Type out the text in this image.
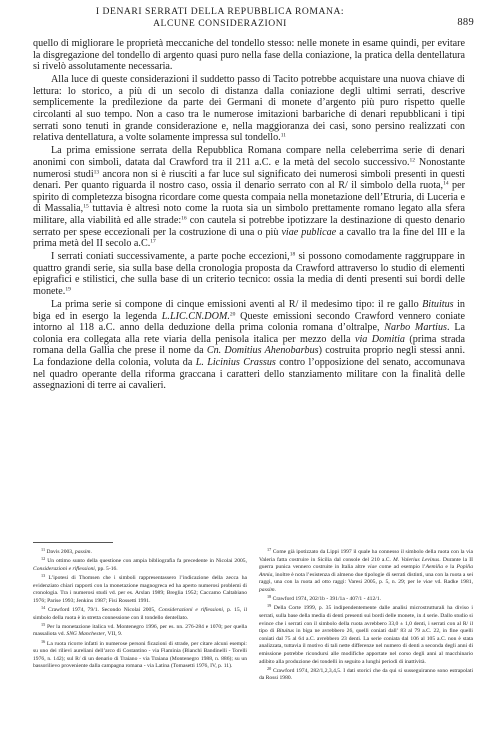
I DENARI SERRATI DELLA REPUBBLICA ROMANA:
ALCUNE CONSIDERAZIONI	889

quello di migliorare le proprietà meccaniche del tondello stesso: nelle monete in esame quindi, per evitare la disgregazione del tondello di argento quasi puro nella fase della coniazione, la pratica della dentellatura si rivelò assolutamente necessaria.

Alla luce di queste considerazioni il suddetto passo di Tacito potrebbe acquistare una nuova chiave di lettura: lo storico, a più di un secolo di distanza dalla coniazione degli ultimi serrati, descrive semplicemente la predilezione da parte dei Germani di monete d’argento più puro rispetto quelle circolanti al suo tempo. Non a caso tra le numerose imitazioni barbariche di denari repubblicani i tipi serrati sono tenuti in grande considerazione e, nella maggioranza dei casi, sono persino realizzati con relativa dentellatura, a volte solamente impressa sul tondello.$^{11}$

La prima emissione serrata della Repubblica Romana compare nella celeberrima serie di denari anonimi con simboli, datata dal Crawford tra il 211 a.C. e la metà del secolo successivo.$^{12}$ Nonostante numerosi studi$^{13}$ ancora non si è riusciti a far luce sul significato dei numerosi simboli presenti in questi denari. Per quanto riguarda il nostro caso, ossia il denario serrato con al R/ il simbolo della ruota,$^{14}$ per spirito di completezza bisogna ricordare come questa compaia nella monetazione dell’Etruria, di Luceria e di Massalia,$^{15}$ tuttavia è altresì noto come la ruota sia un simbolo prettamente romano legato alla sfera militare, alla viabilità ed alle strade:$^{16}$ con cautela si potrebbe ipotizzare la destinazione di questo denario serrato per spese eccezionali per la costruzione di una o più viae publicae a cavallo tra la fine del III e la prima metà del II secolo a.C.$^{17}$

I serrati coniati successivamente, a parte poche eccezioni,$^{18}$ si possono comodamente raggruppare in quattro grandi serie, sia sulla base della cronologia proposta da Crawford attraverso lo studio di elementi epigrafici e stilistici, che sulla base di un criterio tecnico: ossia la media di denti presenti sui bordi delle monete.$^{19}$

La prima serie si compone di cinque emissioni aventi al R/ il medesimo tipo: il re gallo Bituitus in biga ed in esergo la legenda L.LIC.CN.DOM.$^{20}$ Queste emissioni secondo Crawford vennero coniate intorno al 118 a.C. anno della deduzione della prima colonia romana d’oltralpe, Narbo Martius. La colonia era collegata alla rete viaria della penisola italica per mezzo della via Domitia (prima strada romana della Gallia che prese il nome da Cn. Domitius Ahenobarbus) costruita proprio negli stessi anni. La fondazione della colonia, voluta da L. Licinius Crassus contro l’opposizione del senato, accomunava nel quadro operante della riforma graccana i caratteri dello stanziamento militare con la finalità delle assegnazioni di terre ai cavalieri.

$^{11}$ Davis 2003, passim.

$^{12}$ Un ottimo sunto della questione con ampia bibliografia fa precedente in Nicolai 2005, Considerazioni e riflessioni, pp. 5-16.

$^{13}$ L’ipotesi di Thomsen che i simboli rappresentassero l’indicazione della zecca ha evidenziato chiari rapporti con la monetazione magnogreca ed ha aperto numerosi problemi di cronologia. Tra i numerosi studi vd. per es. Arslan 1989; Breglia 1952; Caccamo Caltabiano 1976; Parise 1993; Jenkins 1987; Fisi Rossetti 1991.

$^{14}$ Crawford 1974, 79/1. Secondo Nicolai 2005, Considerazioni e riflessioni, p. 15, il simbolo della ruota è in stretta connessione con il tondello dentellato.

$^{15}$ Per la monetazione italica vd. Montenegro 1996, per es. nn. 276-284 e 1070; per quella massaliota vd. SNG Manchester, VII, 9.

$^{16}$ La ruota ricorre infatti in numerose personi ficazioni di strade, per citare alcuni esempi: su uno dei rilievi aureliani dell’arco di Costantino - via Flaminia (Bianchi Bandinelli - Torelli 1976, n. 142); sul R/ di un denario di Traiano - via Traiana (Montenegro 1988, n. 886); su un bassorilievo proveniente dalla campagna romana - via Latina (Tomasetti 1976, IV, p. 11).

$^{17}$ Come già ipotizzato da Lippi 1997 il quale ha connesso il simbolo della ruota con la via Valeria fatta costruire in Sicilia dal console del 210 a.C. M. Valerius Levinus. Durante la II guerra punica vennero costruite in Italia altre viae come ad esempio l’Aemilia e la Popilia Annia, inoltre è nota l’esistenza di almeno due tipologie di serrati distinti, una con la ruota a sei raggi, una con la ruota ad otto raggi: Varesi 2005, p. 5, n. 29; per le viae vd. Radke 1981, passim.

$^{18}$ Crawford 1974, 202/1b - 391/1a - 407/1 - 412/1.

$^{19}$ Della Corte 1999, p. 35 indipendentemente dalle analisi microstrutturali ha diviso i serrati, sulla base della media di denti presenti sui bordi delle monete, in 4 serie. Dallo studio si evince che i serrati con il simbolo della ruota avrebbero 33,0 ± 1,0 denti, i serrati con al R/ il tipo di Bituitus in biga ne avrebbero 26, quelli coniati dall’ 83 al 79 a.C. 22, in fine quelli coniati dal 75 al 64 a.C. avrebbero 23 denti. La serie coniata dal 106 al 105 a.C. non è stata analizzata, tuttavia il motivo di tali nette differenze nel numero di denti a seconda degli anni di emissione potrebbe ricondursi alle modifiche apportate nel corso degli anni al macchinario adibito alla produzione dei tondelli in seguito a lunghi periodi di inattività.

$^{20}$ Crawford 1974, 282/1,2,3,4,5. I dati storici che da qui si susseguiranno sono estrapolati da Rossi 1980.
